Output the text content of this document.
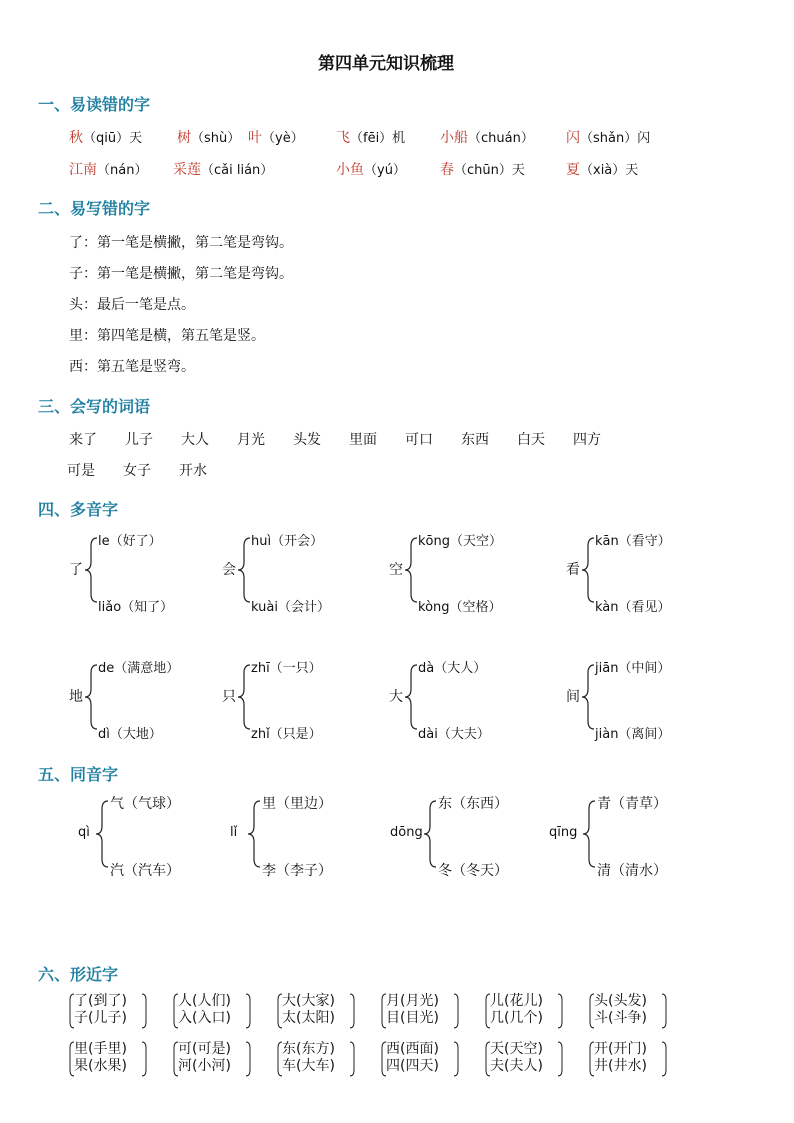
第四单元知识梳理
一、易读错的字
二、易写错的字
了：第一笔是横撇，第二笔是弯钩。
子：第一笔是横撇，第二笔是弯钩。
头：最后一笔是点。
里：第四笔是横，第五笔是竖。
西：第五笔是竖弯。
三、会写的词语
四、多音字
五、同音字
六、形近字
秋（qiū）天 树（shù） 叶（yè） 飞（fēi）机 小船（chuán） 闪（shǎn）闪
江南（nán） 采莲（cǎi lián）	小鱼（yú） 春（chūn）天	夏（xià）天
来了 儿子 大人 月光 头发 里面 可口 东西 白天 四方
可是 女子 开水
了
le（好了）
liǎo（知了）
会
huì（开会）
kuài（会计）
空
kōng（天空）
kòng（空格）
看
kān（看守）
kàn（看见）
地
de（满意地）
dì（大地）
只
zhī（一只）
zhǐ（只是）
大
dà（大人）
dài（大夫）
间
jiān（中间）
jiàn（离间）
qì
气（气球）
汽（汽车）
lǐ
里（里边）
李（李子）
dōng
东（东西）
冬（冬天）
qīng
青（青草）
清（清水）
了(到了)
子(儿子)
人(人们)
入(入口)
大(大家)
太(太阳)
月(月光)
目(目光)
儿(花儿)
几(几个)
头(头发)
斗(斗争)
里(手里)
果(水果)
可(可是)
河(小河)
东(东方)
车(大车)
西(西面)
四(四天)
天(天空)
夫(夫人)
开(开门)
井(井水)
